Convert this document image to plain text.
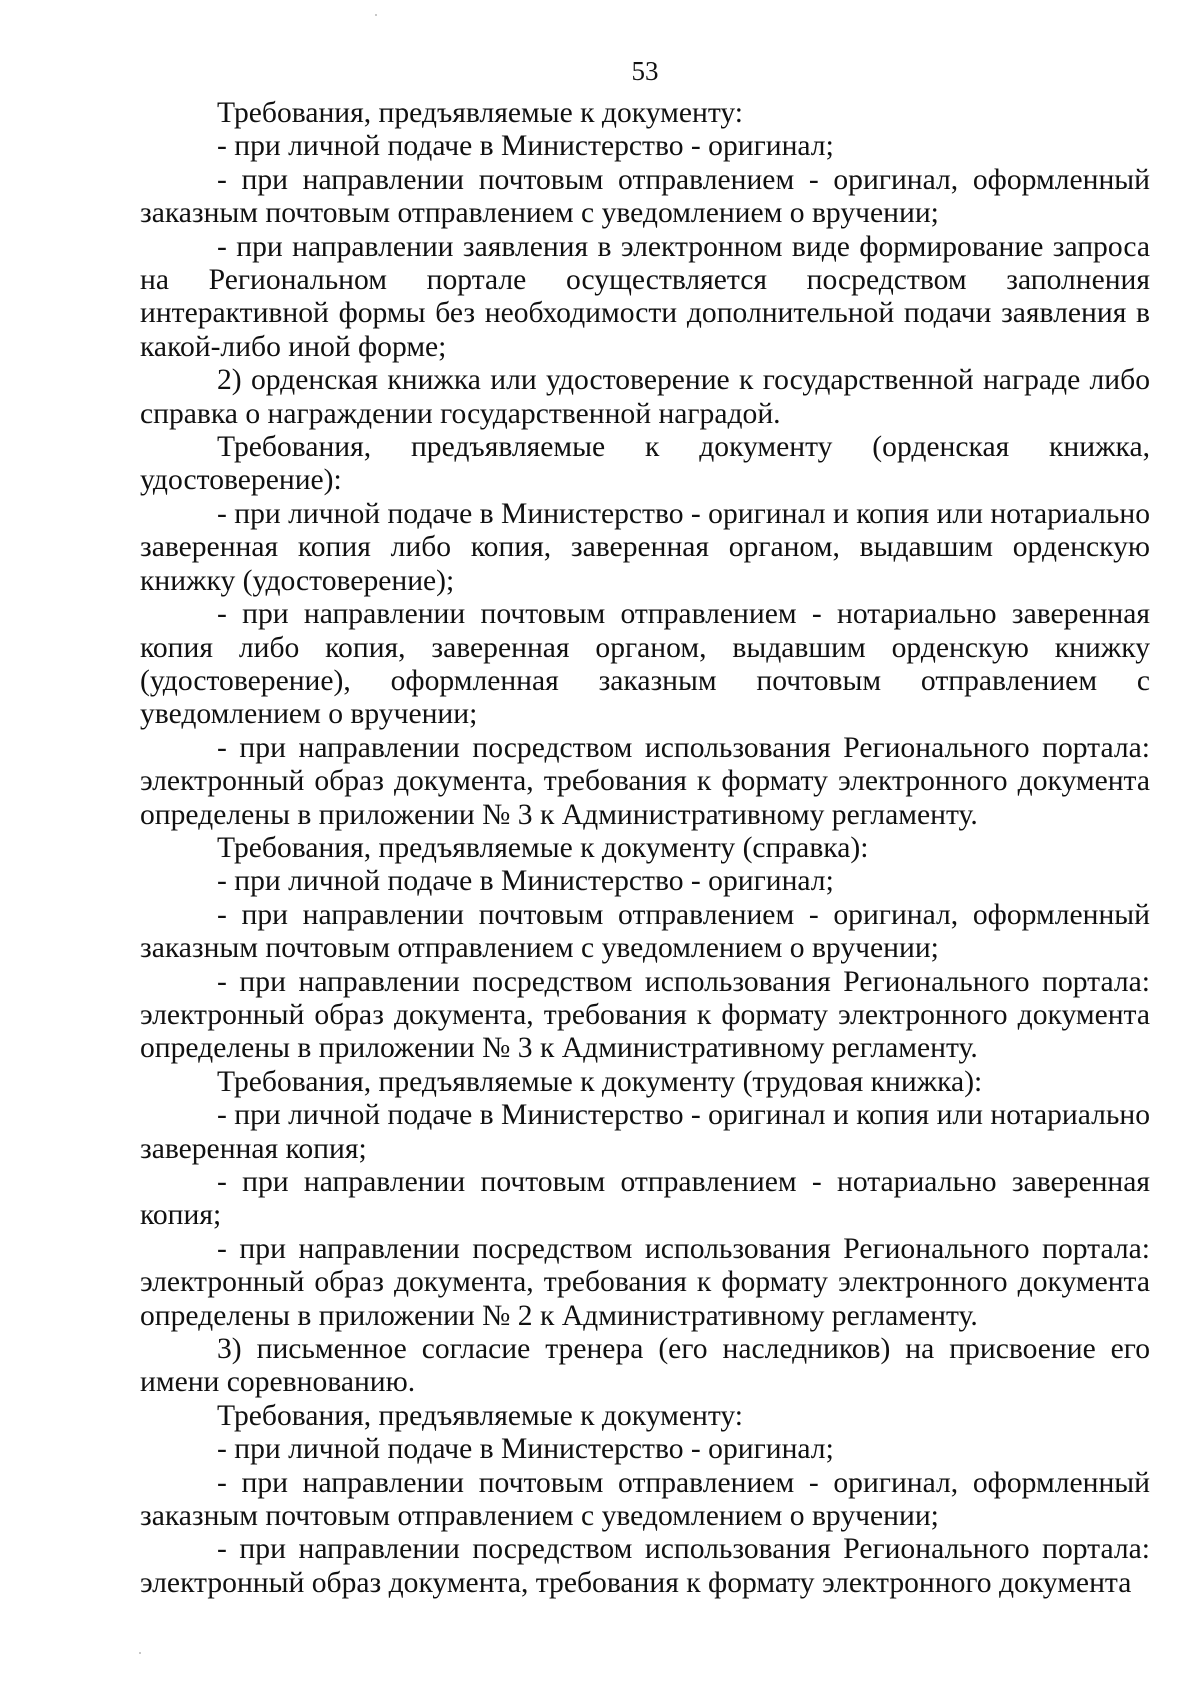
53

Требования, предъявляемые к документу:

- при личной подаче в Министерство - оригинал;

- при направлении почтовым отправлением - оригинал, оформленный заказным почтовым отправлением с уведомлением о вручении;

- при направлении заявления в электронном виде формирование запроса на Региональном портале осуществляется посредством заполнения интерактивной формы без необходимости дополнительной подачи заявления в какой-либо иной форме;

2) орденская книжка или удостоверение к государственной награде либо справка о награждении государственной наградой.

Требования, предъявляемые к документу (орденская книжка, удостоверение):

- при личной подаче в Министерство - оригинал и копия или нотариально заверенная копия либо копия, заверенная органом, выдавшим орденскую книжку (удостоверение);

- при направлении почтовым отправлением - нотариально заверенная копия либо копия, заверенная органом, выдавшим орденскую книжку (удостоверение), оформленная заказным почтовым отправлением с уведомлением о вручении;

- при направлении посредством использования Регионального портала: электронный образ документа, требования к формату электронного документа определены в приложении № 3 к Административному регламенту.

Требования, предъявляемые к документу (справка):

- при личной подаче в Министерство - оригинал;

- при направлении почтовым отправлением - оригинал, оформленный заказным почтовым отправлением с уведомлением о вручении;

- при направлении посредством использования Регионального портала: электронный образ документа, требования к формату электронного документа определены в приложении № 3 к Административному регламенту.

Требования, предъявляемые к документу (трудовая книжка):

- при личной подаче в Министерство - оригинал и копия или нотариально заверенная копия;

- при направлении почтовым отправлением - нотариально заверенная копия;

- при направлении посредством использования Регионального портала: электронный образ документа, требования к формату электронного документа определены в приложении № 2 к Административному регламенту.

3) письменное согласие тренера (его наследников) на присвоение его имени соревнованию.

Требования, предъявляемые к документу:

- при личной подаче в Министерство - оригинал;

- при направлении почтовым отправлением - оригинал, оформленный заказным почтовым отправлением с уведомлением о вручении;

- при направлении посредством использования Регионального портала: электронный образ документа, требования к формату электронного документа
